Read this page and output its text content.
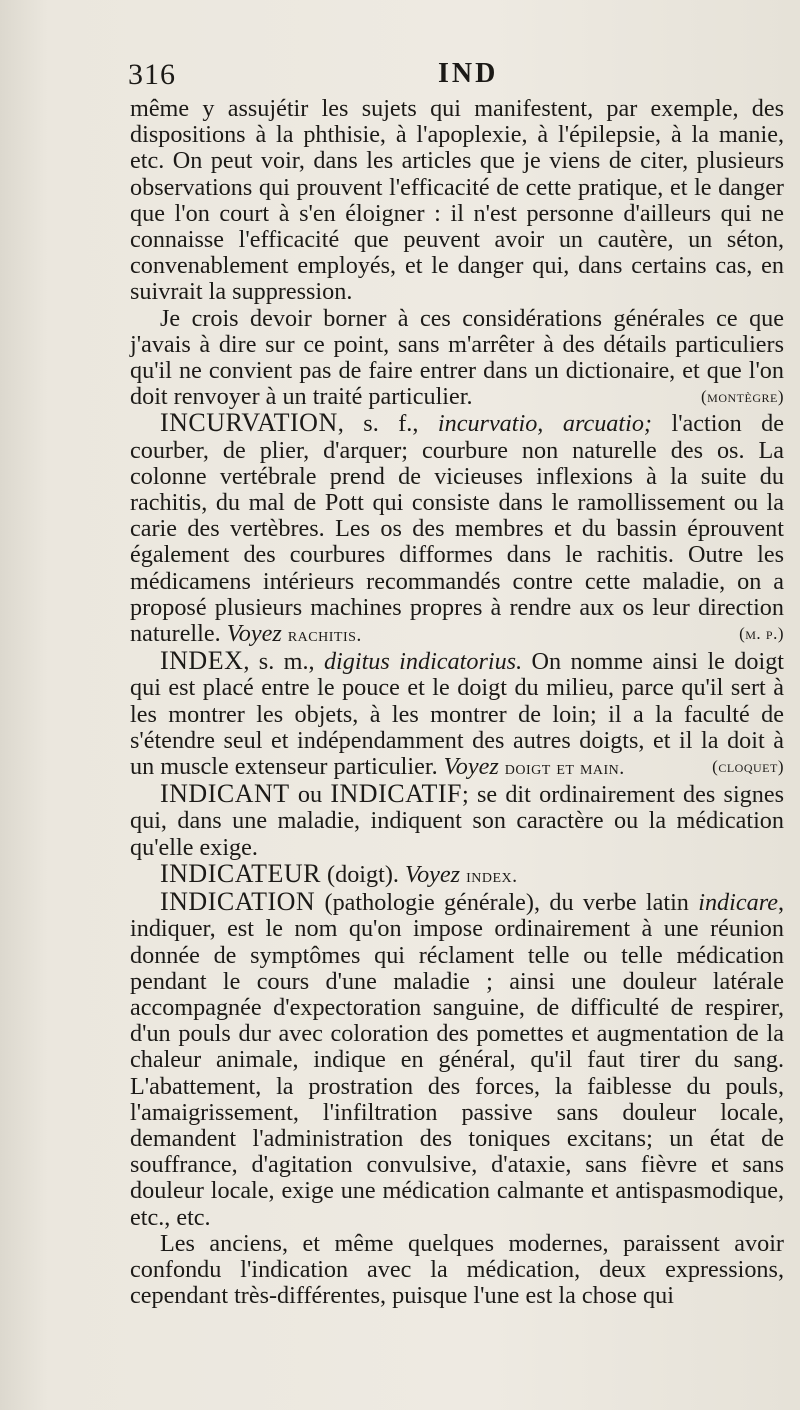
316	IND

même y assujétir les sujets qui manifestent, par exemple, des dispositions à la phthisie, à l'apoplexie, à l'épilepsie, à la manie, etc. On peut voir, dans les articles que je viens de citer, plusieurs observations qui prouvent l'efficacité de cette pratique, et le danger que l'on court à s'en éloigner : il n'est personne d'ailleurs qui ne connaisse l'efficacité que peuvent avoir un cautère, un séton, convenablement employés, et le danger qui, dans certains cas, en suivrait la suppression.

Je crois devoir borner à ces considérations générales ce que j'avais à dire sur ce point, sans m'arrêter à des détails particuliers qu'il ne convient pas de faire entrer dans un dictionaire, et que l'on doit renvoyer à un traité particulier.	(montègre)

INCURVATION, s. f., incurvatio, arcuatio; l'action de courber, de plier, d'arquer; courbure non naturelle des os. La colonne vertébrale prend de vicieuses inflexions à la suite du rachitis, du mal de Pott qui consiste dans le ramollissement ou la carie des vertèbres. Les os des membres et du bassin éprouvent également des courbures difformes dans le rachitis. Outre les médicamens intérieurs recommandés contre cette maladie, on a proposé plusieurs machines propres à rendre aux os leur direction naturelle. Voyez rachitis.	(m. p.)

INDEX, s. m., digitus indicatorius. On nomme ainsi le doigt qui est placé entre le pouce et le doigt du milieu, parce qu'il sert à les montrer les objets, à les montrer de loin; il a la faculté de s'étendre seul et indépendamment des autres doigts, et il la doit à un muscle extenseur particulier. Voyez doigt et main.	(cloquet)

INDICANT ou INDICATIF; se dit ordinairement des signes qui, dans une maladie, indiquent son caractère ou la médication qu'elle exige.

INDICATEUR (doigt). Voyez index.

INDICATION (pathologie générale), du verbe latin indicare, indiquer, est le nom qu'on impose ordinairement à une réunion donnée de symptômes qui réclament telle ou telle médication pendant le cours d'une maladie ; ainsi une douleur latérale accompagnée d'expectoration sanguine, de difficulté de respirer, d'un pouls dur avec coloration des pomettes et augmentation de la chaleur animale, indique en général, qu'il faut tirer du sang. L'abattement, la prostration des forces, la faiblesse du pouls, l'amaigrissement, l'infiltration passive sans douleur locale, demandent l'administration des toniques excitans; un état de souffrance, d'agitation convulsive, d'ataxie, sans fièvre et sans douleur locale, exige une médication calmante et antispasmodique, etc., etc.

Les anciens, et même quelques modernes, paraissent avoir confondu l'indication avec la médication, deux expressions, cependant très-différentes, puisque l'une est la chose qui
